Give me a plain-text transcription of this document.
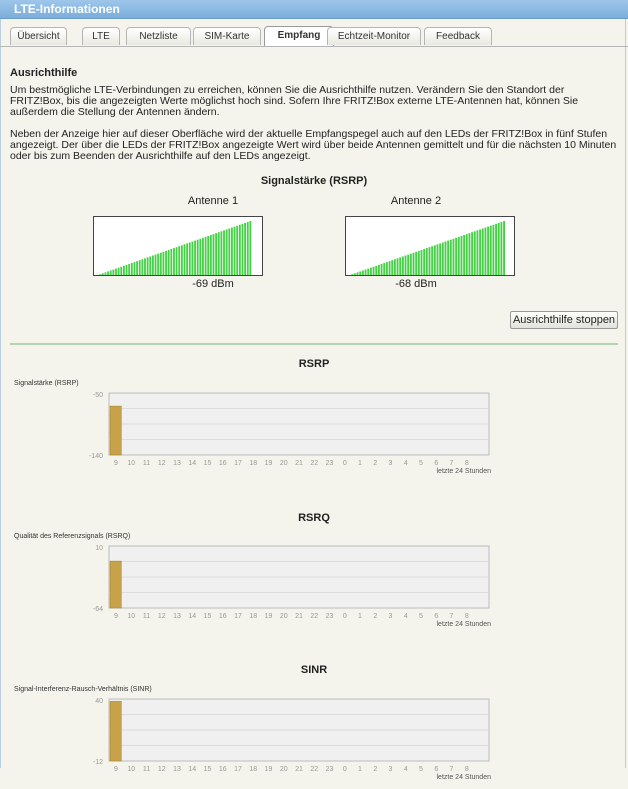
LTE-Informationen
Übersicht	LTE	Netzliste	SIM-Karte	Empfang	Echtzeit-Monitor	Feedback
Ausrichthilfe
Um bestmögliche LTE-Verbindungen zu erreichen, können Sie die Ausrichthilfe nutzen. Verändern Sie den Standort der FRITZ!Box, bis die angezeigten Werte möglichst hoch sind. Sofern Ihre FRITZ!Box externe LTE-Antennen hat, können Sie außerdem die Stellung der Antennen ändern.
Neben der Anzeige hier auf dieser Oberfläche wird der aktuelle Empfangspegel auch auf den LEDs der FRITZ!Box in fünf Stufen angezeigt. Der über die LEDs der FRITZ!Box angezeigte Wert wird über beide Antennen gemittelt und für die nächsten 10 Minuten oder bis zum Beenden der Ausrichthilfe auf den LEDs angezeigt.
Signalstärke (RSRP)
Antenne 1
-69 dBm
Antenne 2
-68 dBm
Ausrichthilfe stoppen
RSRP
Signalstärke (RSRP)
-50
-140
9 10 11 12 13 14 15 16 17 18 19 20 21 22 23 0 1 2 3 4 5 6 7 8
letzte 24 Stunden
RSRQ
Qualität des Referenzsignals (RSRQ)
10
-64
9 10 11 12 13 14 15 16 17 18 19 20 21 22 23 0 1 2 3 4 5 6 7 8
letzte 24 Stunden
SINR
Signal-Interferenz-Rausch-Verhältnis (SINR)
40
-12
9 10 11 12 13 14 15 16 17 18 19 20 21 22 23 0 1 2 3 4 5 6 7 8
letzte 24 Stunden
